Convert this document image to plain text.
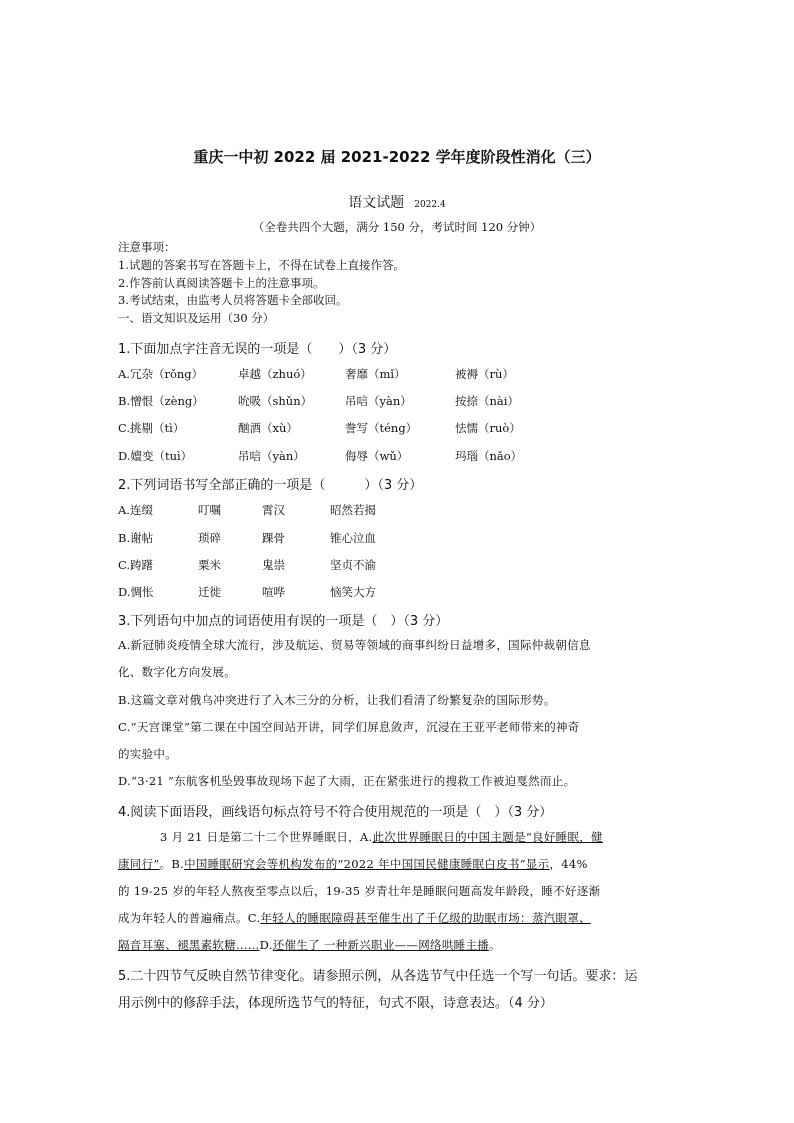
重庆一中初 2022 届 2021-2022 学年度阶段性消化（三）
语文试题 2022.4
（全卷共四个大题，满分 150 分，考试时间 120 分钟）
注意事项：
1.试题的答案书写在答题卡上，不得在试卷上直接作答。
2.作答前认真阅读答题卡上的注意事项。
3.考试结束，由监考人员将答题卡全部收回。
一、语文知识及运用（30 分）
1.下面加点字注音无误的一项是（　　）（3 分）
A.冗杂（rǒng）	卓越（zhuó）	奢靡（mǐ）	被褥（rù）
B.憎恨（zèng）	吮吸（shǔn）	吊唁（yàn）	按捺（nài）
C.挑剔（tì）	酗酒（xù）	誊写（téng）	怯懦（ruò）
D.嬗变（tuì）	吊唁（yàn）	侮辱（wǔ）	玛瑙（nǎo）
2.下列词语书写全部正确的一项是（　　　）（3 分）
A.连缀	叮嘱	霄汉	昭然若揭
B.谢帖	琐碎	踝骨	锥心泣血
C.踌躇	粟米	鬼祟	坚贞不渝
D.惆怅	迁徙	喧哗	恼笑大方
3.下列语句中加点的词语使用有误的一项是（　）（3 分）
A.新冠肺炎疫情全球大流行，涉及航运、贸易等领域的商事纠纷日益增多，国际仲裁朝信息
化、数字化方向发展。
B.这篇文章对俄乌冲突进行了入木三分的分析，让我们看清了纷繁复杂的国际形势。
C.“天宫课堂”第二课在中国空间站开讲，同学们屏息敛声，沉浸在王亚平老师带来的神奇
的实验中。
D.“3·21 ”东航客机坠毁事故现场下起了大雨，正在紧张进行的搜救工作被迫戛然而止。
4.阅读下面语段，画线语句标点符号不符合使用规范的一项是（　）（3 分）
3 月 21 日是第二十二个世界睡眠日，A.此次世界睡眠日的中国主题是“良好睡眠，健
康同行”。B.中国睡眠研究会等机构发布的“2022 年中国国民健康睡眠白皮书”显示，44%
的 19-25 岁的年轻人熬夜至零点以后，19-35 岁青壮年是睡眠问题高发年龄段，睡不好逐渐
成为年轻人的普遍痛点。C.年轻人的睡眠障碍甚至催生出了千亿级的助眠市场：蒸汽眼罩、
隔音耳塞、褪黑素软糖……D.还催生了 一种新兴职业——网络哄睡主播。
5.二十四节气反映自然节律变化。请参照示例，从各选节气中任选一个写一句话。要求：运
用示例中的修辞手法，体现所选节气的特征，句式不限，诗意表达。（4 分）
